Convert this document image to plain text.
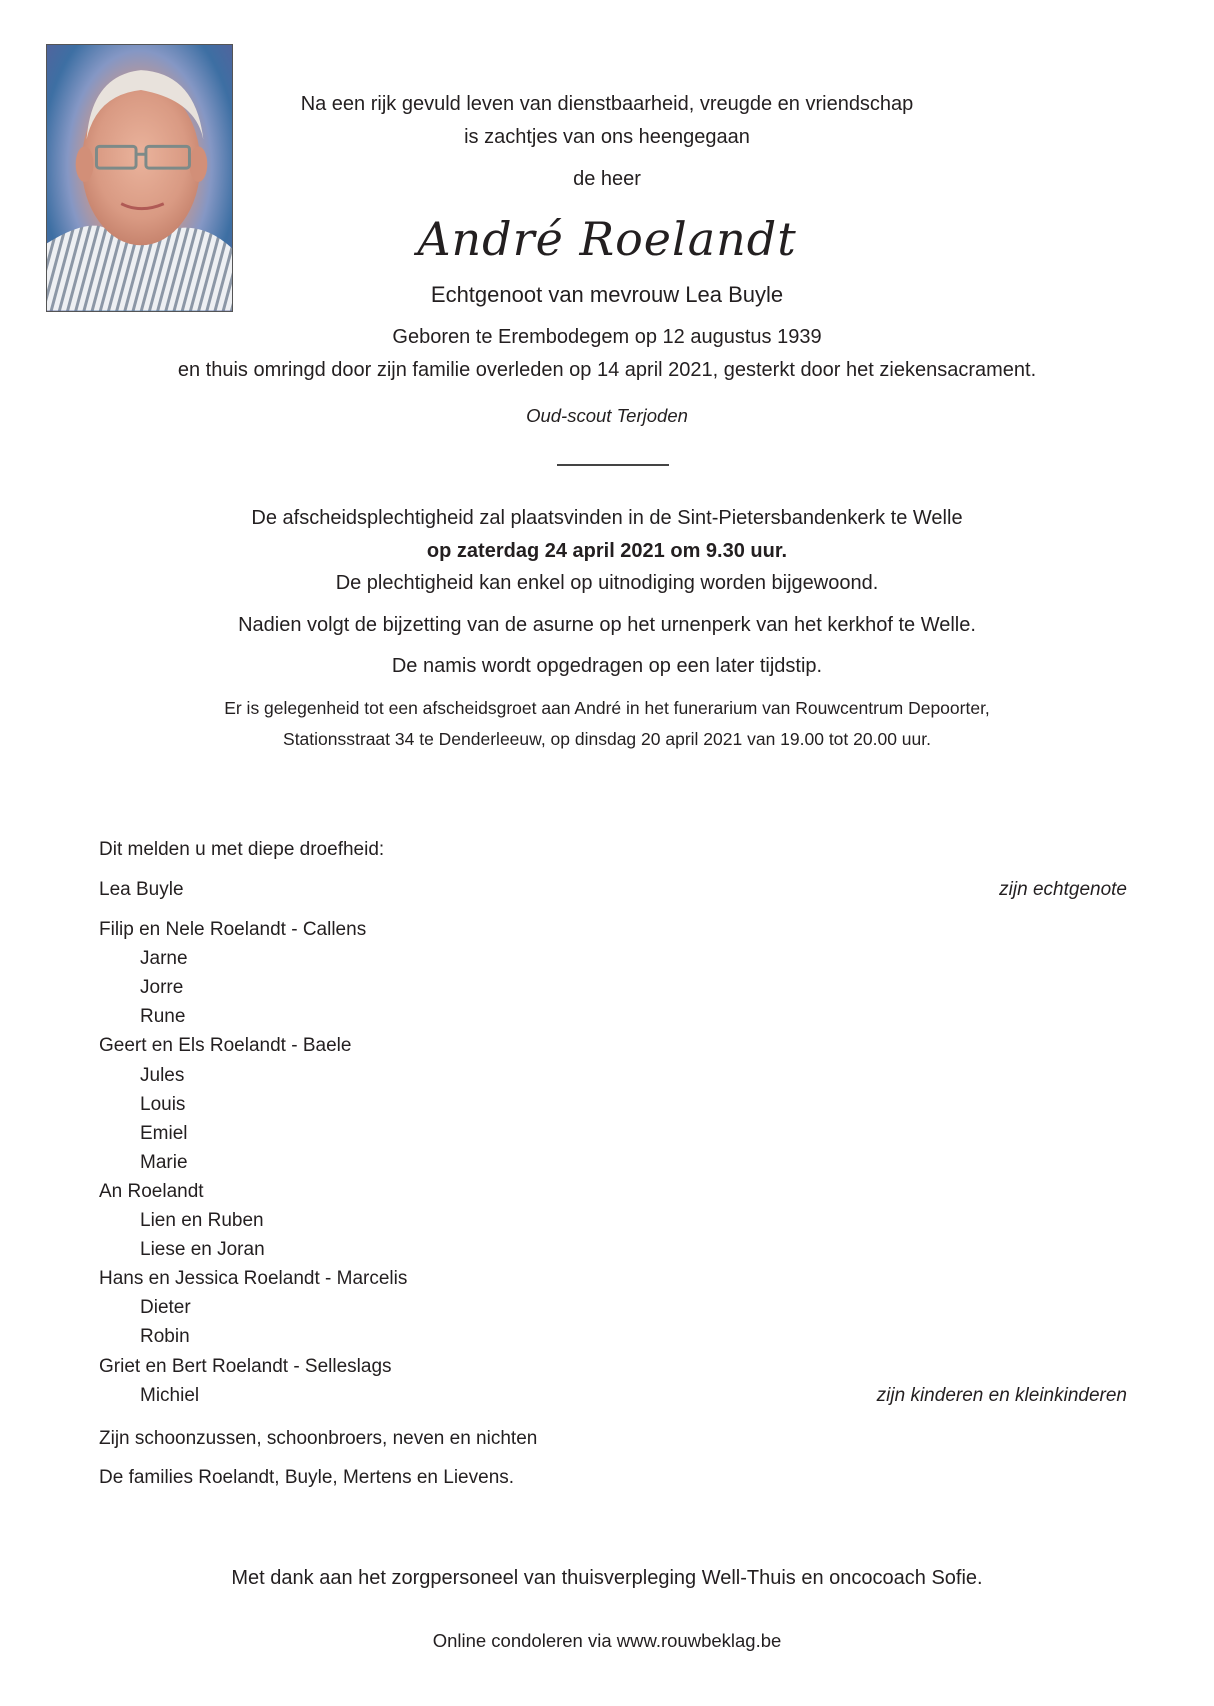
Na een rijk gevuld leven van dienstbaarheid, vreugde en vriendschap
is zachtjes van ons heengegaan
de heer
André Roelandt
Echtgenoot van mevrouw Lea Buyle
Geboren te Erembodegem op 12 augustus 1939
en thuis omringd door zijn familie overleden op 14 april 2021, gesterkt door het ziekensacrament.
Oud-scout Terjoden
De afscheidsplechtigheid zal plaatsvinden in de Sint-Pietersbandenkerk te Welle
op zaterdag 24 april 2021 om 9.30 uur.
De plechtigheid kan enkel op uitnodiging worden bijgewoond.
Nadien volgt de bijzetting van de asurne op het urnenperk van het kerkhof te Welle.
De namis wordt opgedragen op een later tijdstip.
Er is gelegenheid tot een afscheidsgroet aan André in het funerarium van Rouwcentrum Depoorter,
Stationsstraat 34 te Denderleeuw, op dinsdag 20 april 2021 van 19.00 tot 20.00 uur.
Dit melden u met diepe droefheid:
Lea Buyle	zijn echtgenote
Filip en Nele Roelandt - Callens
Jarne
Jorre
Rune
Geert en Els Roelandt - Baele
Jules
Louis
Emiel
Marie
An Roelandt
Lien en Ruben
Liese en Joran
Hans en Jessica Roelandt - Marcelis
Dieter
Robin
Griet en Bert Roelandt - Selleslags
Michiel	zijn kinderen en kleinkinderen
Zijn schoonzussen, schoonbroers, neven en nichten
De families Roelandt, Buyle, Mertens en Lievens.
Met dank aan het zorgpersoneel van thuisverpleging Well-Thuis en oncocoach Sofie.
Online condoleren via www.rouwbeklag.be
